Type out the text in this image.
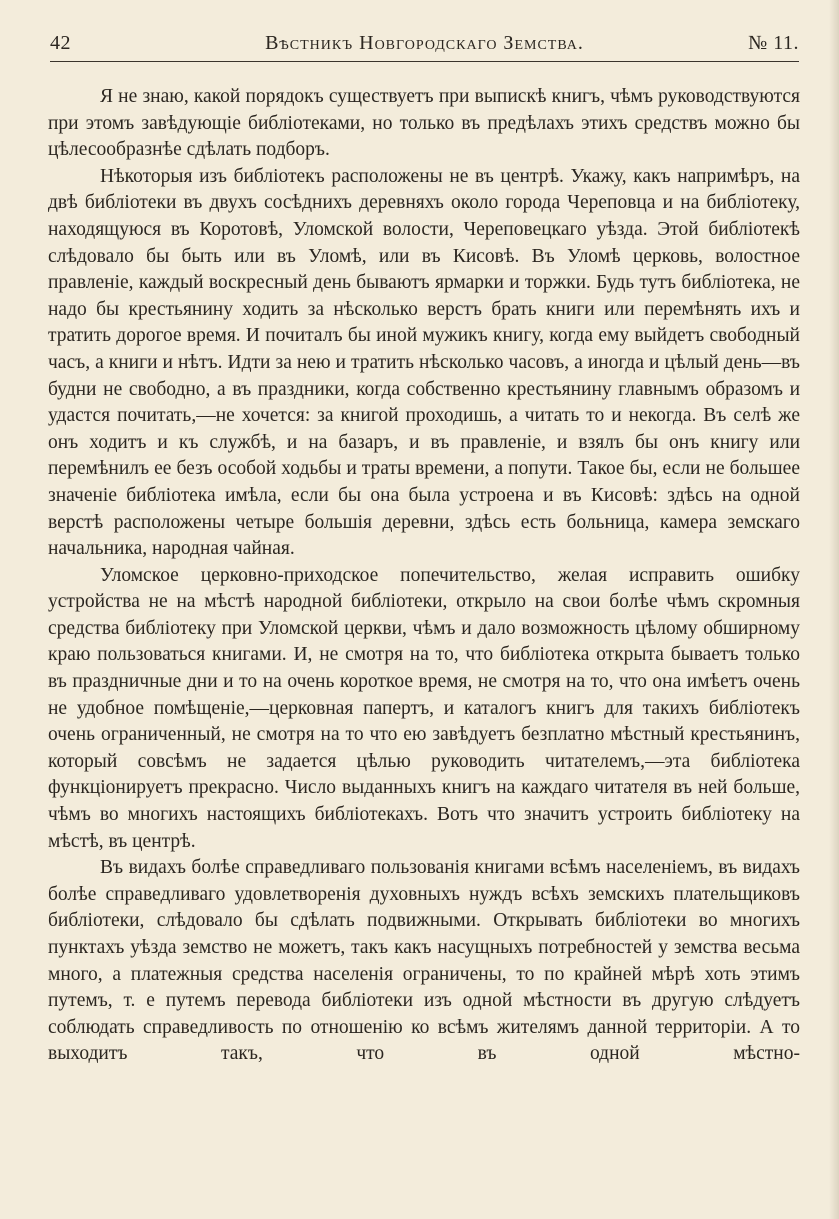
42	Вѣстникъ Новгородскаго Земства.	№ 11.

Я не знаю, какой порядокъ существуетъ при выпискѣ книгъ, чѣмъ руководствуются при этомъ завѣдующіе библіотеками, но только въ предѣлахъ этихъ средствъ можно бы цѣлесообразнѣе сдѣлать подборъ.

Нѣкоторыя изъ библіотекъ расположены не въ центрѣ. Укажу, какъ напримѣръ, на двѣ библіотеки въ двухъ сосѣднихъ деревняхъ около города Череповца и на библіотеку, находящуюся въ Коротовѣ, Уломской волости, Череповецкаго уѣзда. Этой библіотекѣ слѣдовало бы быть или въ Уломѣ, или въ Кисовѣ. Въ Уломѣ церковь, волостное правленіе, каждый воскресный день бываютъ ярмарки и торжки. Будь тутъ библіотека, не надо бы крестьянину ходить за нѣсколько верстъ брать книги или перемѣнять ихъ и тратить дорогое время. И почиталъ бы иной мужикъ книгу, когда ему выйдетъ свободный часъ, а книги и нѣтъ. Идти за нею и тратить нѣсколько часовъ, а иногда и цѣлый день—въ будни не свободно, а въ праздники, когда собственно крестьянину главнымъ образомъ и удастся почитать,—не хочется: за книгой проходишь, а читать то и некогда. Въ селѣ же онъ ходитъ и къ службѣ, и на базаръ, и въ правленіе, и взялъ бы онъ книгу или перемѣнилъ ее безъ особой ходьбы и траты времени, а попути. Такое бы, если не большее значеніе библіотека имѣла, если бы она была устроена и въ Кисовѣ: здѣсь на одной верстѣ расположены четыре большія деревни, здѣсь есть больница, камера земскаго начальника, народная чайная.

Уломское церковно-приходское попечительство, желая исправить ошибку устройства не на мѣстѣ народной библіотеки, открыло на свои болѣе чѣмъ скромныя средства библіотеку при Уломской церкви, чѣмъ и дало возможность цѣлому обширному краю пользоваться книгами. И, не смотря на то, что библіотека открыта бываетъ только въ праздничные дни и то на очень короткое время, не смотря на то, что она имѣетъ очень не удобное помѣщеніе,—церковная папертъ, и каталогъ книгъ для такихъ библіотекъ очень ограниченный, не смотря на то что ею завѣдуетъ безплатно мѣстный крестьянинъ, который совсѣмъ не задается цѣлью руководить читателемъ,—эта библіотека функціонируетъ прекрасно. Число выданныхъ книгъ на каждаго читателя въ ней больше, чѣмъ во многихъ настоящихъ библіотекахъ. Вотъ что значитъ устроить библіотеку на мѣстѣ, въ центрѣ.

Въ видахъ болѣе справедливаго пользованія книгами всѣмъ населеніемъ, въ видахъ болѣе справедливаго удовлетворенія духовныхъ нуждъ всѣхъ земскихъ плательщиковъ библіотеки, слѣдовало бы сдѣлать подвижными. Открывать библіотеки во многихъ пунктахъ уѣзда земство не можетъ, такъ какъ насущныхъ потребностей у земства весьма много, а платежныя средства населенія ограничены, то по крайней мѣрѣ хоть этимъ путемъ, т. е путемъ перевода библіотеки изъ одной мѣстности въ другую слѣдуетъ соблюдать справедливость по отношенію ко всѣмъ жителямъ данной территоріи. А то выходитъ такъ, что въ одной мѣстно-
